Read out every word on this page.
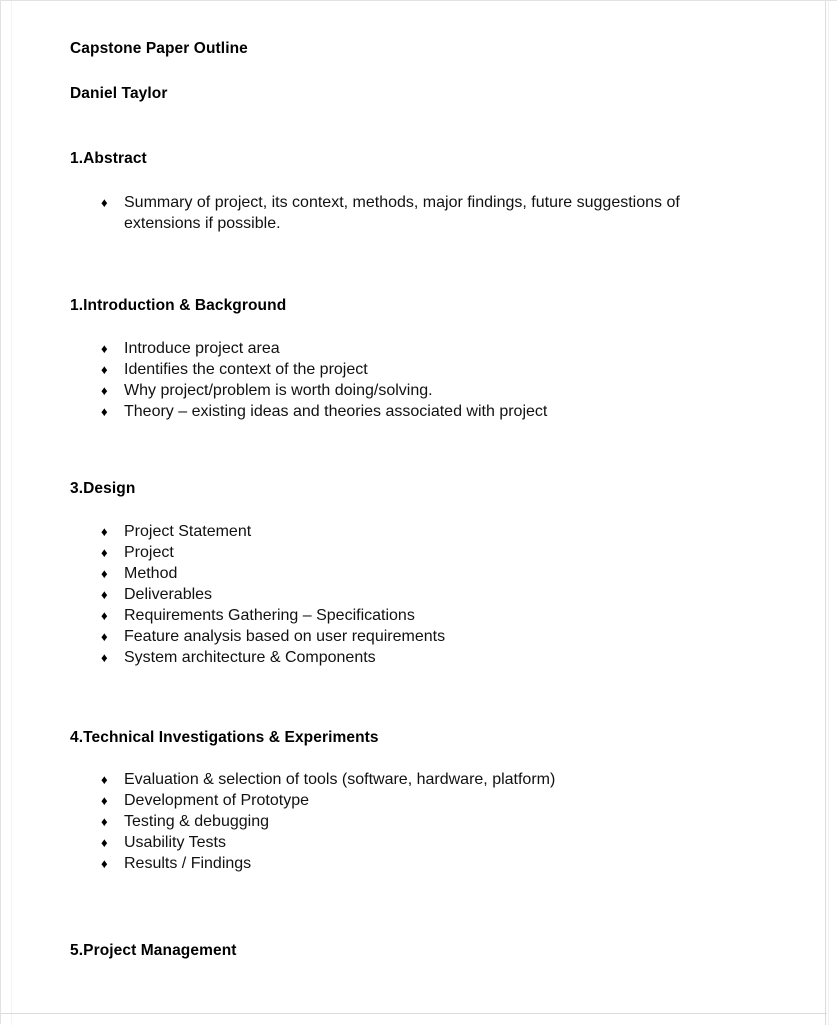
Capstone Paper Outline
Daniel Taylor
1.Abstract
♦ Summary of project, its context, methods, major findings, future suggestions of extensions if possible.
1.Introduction & Background
♦ Introduce project area
♦ Identifies the context of the project
♦ Why project/problem is worth doing/solving.
♦ Theory – existing ideas and theories associated with project
3.Design
♦ Project Statement
♦ Project
♦ Method
♦ Deliverables
♦ Requirements Gathering – Specifications
♦ Feature analysis based on user requirements
♦ System architecture & Components
4.Technical Investigations & Experiments
♦ Evaluation & selection of tools (software, hardware, platform)
♦ Development of Prototype
♦ Testing & debugging
♦ Usability Tests
♦ Results / Findings
5.Project Management
